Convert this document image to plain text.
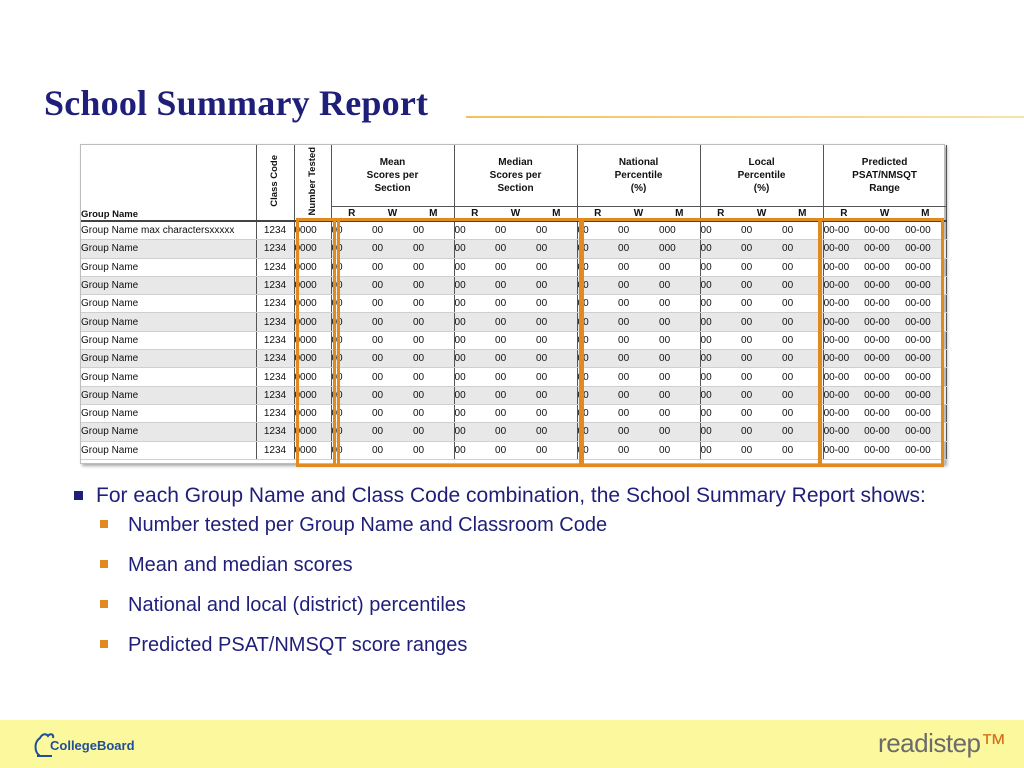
School Summary Report
Group Name	Class Code	Number Tested	Mean
Scores per
Section			Median
Scores per
Section			National
Percentile
(%)			Local
Percentile
(%)			Predicted
PSAT/NMSQT
Range		
			R	W	M	R	W	M	R	W	M	R	W	M	R	W	M
Group Name max charactersxxxxx	1234	0000	00	00	00	00	00	00	00	00	000	00	00	00	00-00	00-00	00-00
Group Name	1234	0000	00	00	00	00	00	00	00	00	000	00	00	00	00-00	00-00	00-00
Group Name	1234	0000	00	00	00	00	00	00	00	00	00	00	00	00	00-00	00-00	00-00
Group Name	1234	0000	00	00	00	00	00	00	00	00	00	00	00	00	00-00	00-00	00-00
Group Name	1234	0000	00	00	00	00	00	00	00	00	00	00	00	00	00-00	00-00	00-00
Group Name	1234	0000	00	00	00	00	00	00	00	00	00	00	00	00	00-00	00-00	00-00
Group Name	1234	0000	00	00	00	00	00	00	00	00	00	00	00	00	00-00	00-00	00-00
Group Name	1234	0000	00	00	00	00	00	00	00	00	00	00	00	00	00-00	00-00	00-00
Group Name	1234	0000	00	00	00	00	00	00	00	00	00	00	00	00	00-00	00-00	00-00
Group Name	1234	0000	00	00	00	00	00	00	00	00	00	00	00	00	00-00	00-00	00-00
Group Name	1234	0000	00	00	00	00	00	00	00	00	00	00	00	00	00-00	00-00	00-00
Group Name	1234	0000	00	00	00	00	00	00	00	00	00	00	00	00	00-00	00-00	00-00
Group Name	1234	0000	00	00	00	00	00	00	00	00	00	00	00	00	00-00	00-00	00-00
For each Group Name and Class Code combination, the School Summary Report shows:
Number tested per Group Name and Classroom Code
Mean and median scores
National and local (district) percentiles
Predicted PSAT/NMSQT score ranges
CollegeBoard	readistep™
